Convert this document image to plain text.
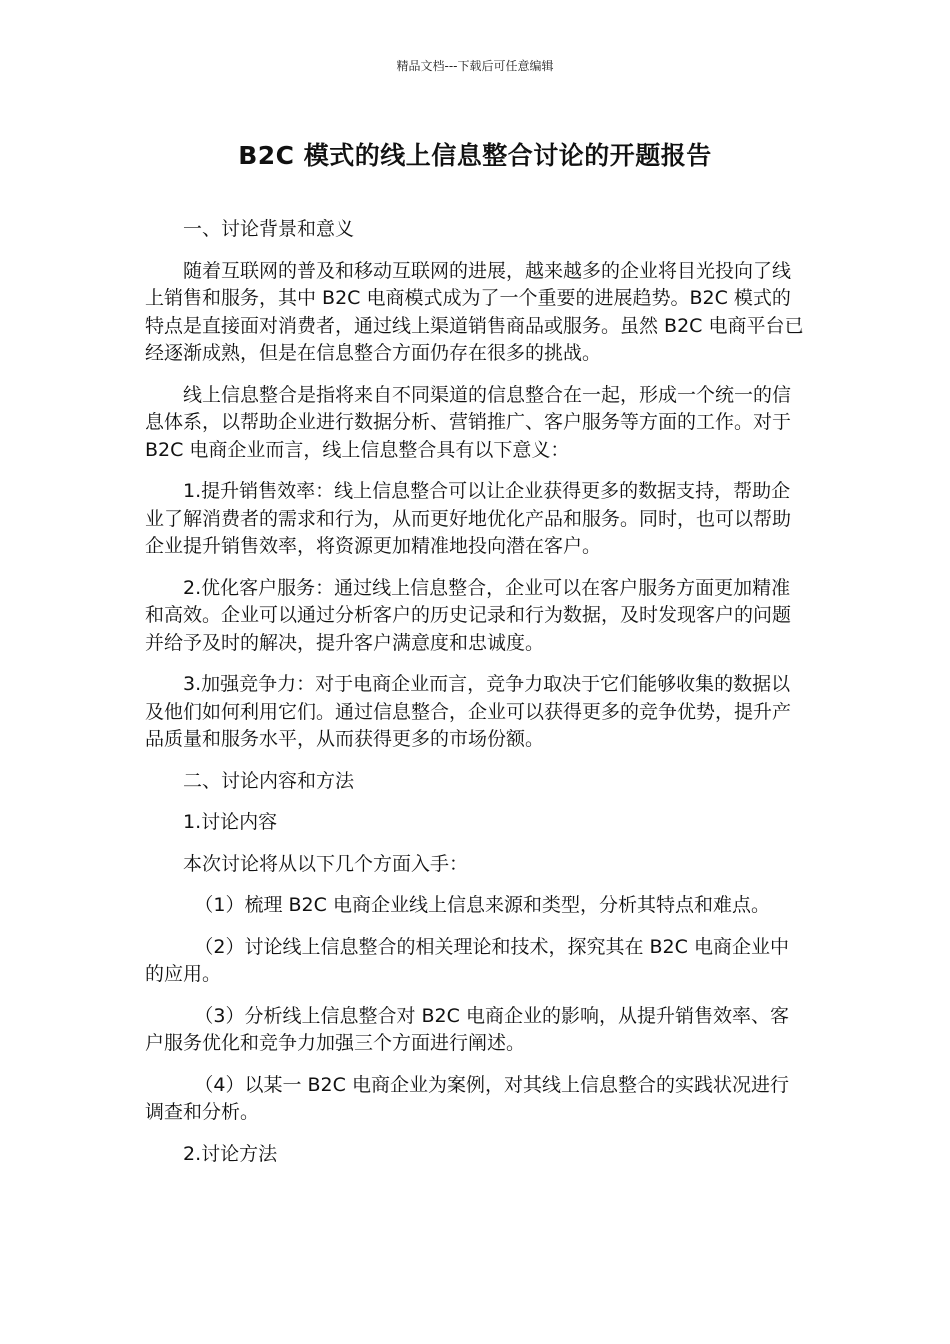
精品文档---下载后可任意编辑
B2C 模式的线上信息整合讨论的开题报告

一、讨论背景和意义

随着互联网的普及和移动互联网的进展，越来越多的企业将目光投向了线上销售和服务，其中 B2C 电商模式成为了一个重要的进展趋势。B2C 模式的特点是直接面对消费者，通过线上渠道销售商品或服务。虽然 B2C 电商平台已经逐渐成熟，但是在信息整合方面仍存在很多的挑战。

线上信息整合是指将来自不同渠道的信息整合在一起，形成一个统一的信息体系，以帮助企业进行数据分析、营销推广、客户服务等方面的工作。对于 B2C 电商企业而言，线上信息整合具有以下意义：

1.提升销售效率：线上信息整合可以让企业获得更多的数据支持，帮助企业了解消费者的需求和行为，从而更好地优化产品和服务。同时，也可以帮助企业提升销售效率，将资源更加精准地投向潜在客户。

2.优化客户服务：通过线上信息整合，企业可以在客户服务方面更加精准和高效。企业可以通过分析客户的历史记录和行为数据，及时发现客户的问题并给予及时的解决，提升客户满意度和忠诚度。

3.加强竞争力：对于电商企业而言，竞争力取决于它们能够收集的数据以及他们如何利用它们。通过信息整合，企业可以获得更多的竞争优势，提升产品质量和服务水平，从而获得更多的市场份额。

二、讨论内容和方法

1.讨论内容

本次讨论将从以下几个方面入手：

（1）梳理 B2C 电商企业线上信息来源和类型，分析其特点和难点。

（2）讨论线上信息整合的相关理论和技术，探究其在 B2C 电商企业中的应用。

（3）分析线上信息整合对 B2C 电商企业的影响，从提升销售效率、客户服务优化和竞争力加强三个方面进行阐述。

（4）以某一 B2C 电商企业为案例，对其线上信息整合的实践状况进行调查和分析。

2.讨论方法
